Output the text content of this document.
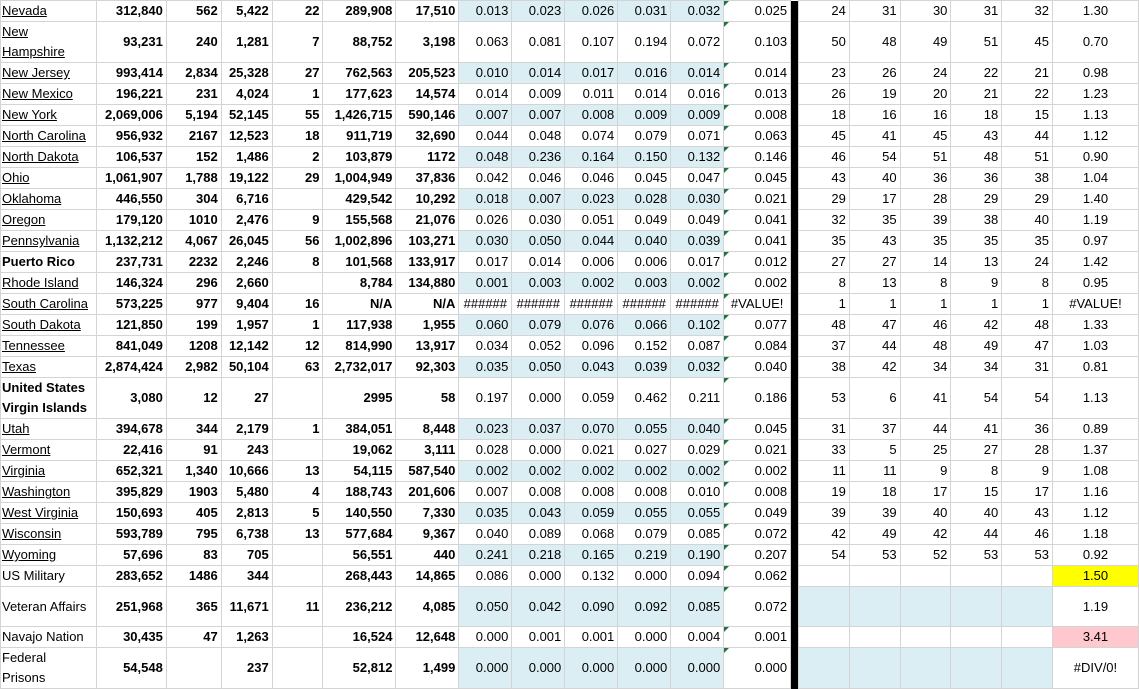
Nevada	312,840	562	5,422	22	289,908	17,510	0.013	0.023	0.026	0.031	0.032	0.025		24	31	30	31	32	1.30
New Hampshire	93,231	240	1,281	7	88,752	3,198	0.063	0.081	0.107	0.194	0.072	0.103		50	48	49	51	45	0.70
New Jersey	993,414	2,834	25,328	27	762,563	205,523	0.010	0.014	0.017	0.016	0.014	0.014		23	26	24	22	21	0.98
New Mexico	196,221	231	4,024	1	177,623	14,574	0.014	0.009	0.011	0.014	0.016	0.013		26	19	20	21	22	1.23
New York	2,069,006	5,194	52,145	55	1,426,715	590,146	0.007	0.007	0.008	0.009	0.009	0.008		18	16	16	18	15	1.13
North Carolina	956,932	2167	12,523	18	911,719	32,690	0.044	0.048	0.074	0.079	0.071	0.063		45	41	45	43	44	1.12
North Dakota	106,537	152	1,486	2	103,879	1172	0.048	0.236	0.164	0.150	0.132	0.146		46	54	51	48	51	0.90
Ohio	1,061,907	1,788	19,122	29	1,004,949	37,836	0.042	0.046	0.046	0.045	0.047	0.045		43	40	36	36	38	1.04
Oklahoma	446,550	304	6,716		429,542	10,292	0.018	0.007	0.023	0.028	0.030	0.021		29	17	28	29	29	1.40
Oregon	179,120	1010	2,476	9	155,568	21,076	0.026	0.030	0.051	0.049	0.049	0.041		32	35	39	38	40	1.19
Pennsylvania	1,132,212	4,067	26,045	56	1,002,896	103,271	0.030	0.050	0.044	0.040	0.039	0.041		35	43	35	35	35	0.97
Puerto Rico	237,731	2232	2,246	8	101,568	133,917	0.017	0.014	0.006	0.006	0.017	0.012		27	27	14	13	24	1.42
Rhode Island	146,324	296	2,660		8,784	134,880	0.001	0.003	0.002	0.003	0.002	0.002		8	13	8	9	8	0.95
South Carolina	573,225	977	9,404	16	N/A	N/A	######	######	######	######	######	#VALUE!		1	1	1	1	1	#VALUE!
South Dakota	121,850	199	1,957	1	117,938	1,955	0.060	0.079	0.076	0.066	0.102	0.077		48	47	46	42	48	1.33
Tennessee	841,049	1208	12,142	12	814,990	13,917	0.034	0.052	0.096	0.152	0.087	0.084		37	44	48	49	47	1.03
Texas	2,874,424	2,982	50,104	63	2,732,017	92,303	0.035	0.050	0.043	0.039	0.032	0.040		38	42	34	34	31	0.81
United States Virgin Islands	3,080	12	27		2995	58	0.197	0.000	0.059	0.462	0.211	0.186		53	6	41	54	54	1.13
Utah	394,678	344	2,179	1	384,051	8,448	0.023	0.037	0.070	0.055	0.040	0.045		31	37	44	41	36	0.89
Vermont	22,416	91	243		19,062	3,111	0.028	0.000	0.021	0.027	0.029	0.021		33	5	25	27	28	1.37
Virginia	652,321	1,340	10,666	13	54,115	587,540	0.002	0.002	0.002	0.002	0.002	0.002		11	11	9	8	9	1.08
Washington	395,829	1903	5,480	4	188,743	201,606	0.007	0.008	0.008	0.008	0.010	0.008		19	18	17	15	17	1.16
West Virginia	150,693	405	2,813	5	140,550	7,330	0.035	0.043	0.059	0.055	0.055	0.049		39	39	40	40	43	1.12
Wisconsin	593,789	795	6,738	13	577,684	9,367	0.040	0.089	0.068	0.079	0.085	0.072		42	49	42	44	46	1.18
Wyoming	57,696	83	705		56,551	440	0.241	0.218	0.165	0.219	0.190	0.207		54	53	52	53	53	0.92
US Military	283,652	1486	344		268,443	14,865	0.086	0.000	0.132	0.000	0.094	0.062							1.50
Veteran Affairs	251,968	365	11,671	11	236,212	4,085	0.050	0.042	0.090	0.092	0.085	0.072							1.19
Navajo Nation	30,435	47	1,263		16,524	12,648	0.000	0.001	0.001	0.000	0.004	0.001							3.41
Federal Prisons	54,548		237		52,812	1,499	0.000	0.000	0.000	0.000	0.000	0.000							#DIV/0!
